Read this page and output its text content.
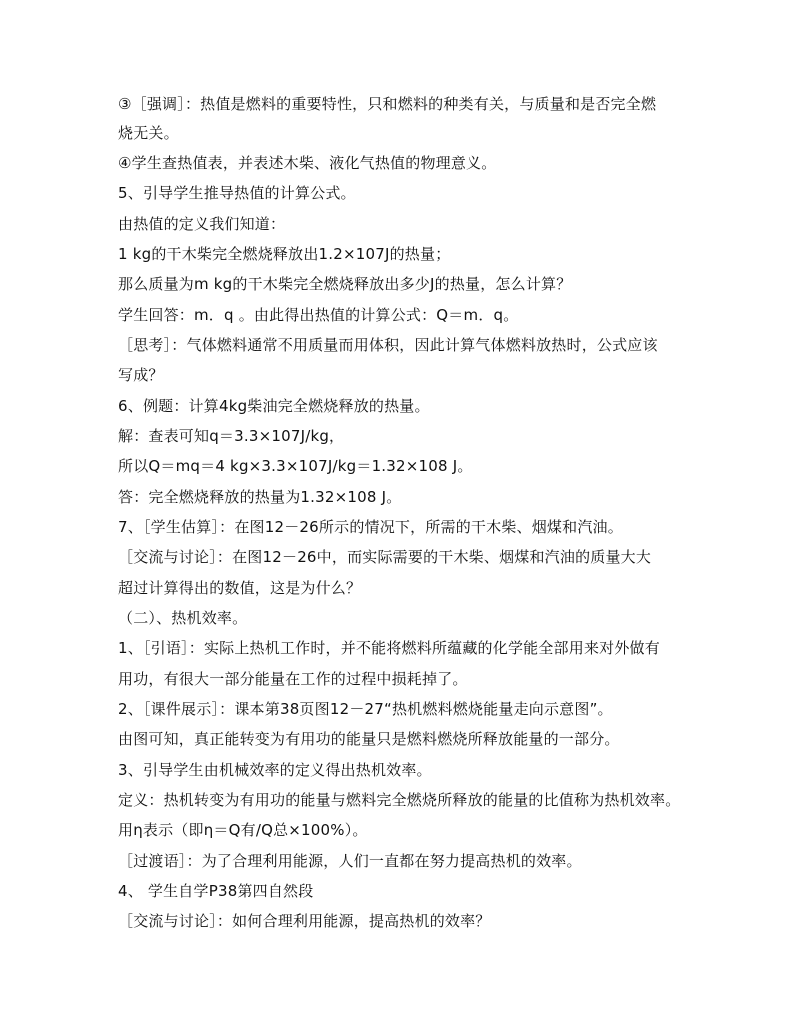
③［强调］：热值是燃料的重要特性，只和燃料的种类有关，与质量和是否完全燃
烧无关。
④学生查热值表，并表述木柴、液化气热值的物理意义。
5、引导学生推导热值的计算公式。
由热值的定义我们知道：
1 kg的干木柴完全燃烧释放出1.2×107J的热量；
那么质量为m kg的干木柴完全燃烧释放出多少J的热量，怎么计算？
学生回答：m．q 。由此得出热值的计算公式：Q＝m．q。
［思考］：气体燃料通常不用质量而用体积，因此计算气体燃料放热时，公式应该
写成？
6、例题：计算4kg柴油完全燃烧释放的热量。
解：查表可知q＝3.3×107J/kg，
所以Q＝mq＝4 kg×3.3×107J/kg＝1.32×108 J。
答：完全燃烧释放的热量为1.32×108 J。
7、［学生估算］：在图12－26所示的情况下，所需的干木柴、烟煤和汽油。
［交流与讨论］：在图12－26中，而实际需要的干木柴、烟煤和汽油的质量大大
超过计算得出的数值，这是为什么？
（二）、热机效率。
1、［引语］：实际上热机工作时，并不能将燃料所蕴藏的化学能全部用来对外做有
用功，有很大一部分能量在工作的过程中损耗掉了。
2、［课件展示］：课本第38页图12－27“热机燃料燃烧能量走向示意图”。
由图可知，真正能转变为有用功的能量只是燃料燃烧所释放能量的一部分。
3、引导学生由机械效率的定义得出热机效率。
定义：热机转变为有用功的能量与燃料完全燃烧所释放的能量的比值称为热机效率。
用η表示（即η＝Q有/Q总×100%）。
［过渡语］：为了合理利用能源，人们一直都在努力提高热机的效率。
4、 学生自学P38第四自然段
［交流与讨论］：如何合理利用能源，提高热机的效率？
